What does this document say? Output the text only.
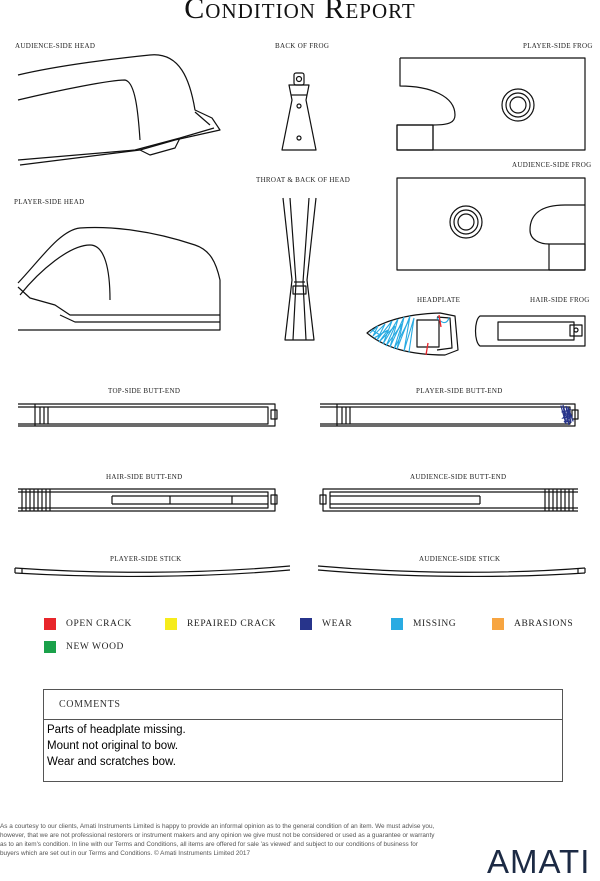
Condition Report
AUDIENCE-SIDE HEAD	BACK OF FROG	PLAYER-SIDE FROG
AUDIENCE-SIDE FROG
THROAT & BACK OF HEAD
PLAYER-SIDE HEAD
HEADPLATE	HAIR-SIDE FROG
TOP-SIDE BUTT-END	PLAYER-SIDE BUTT-END
HAIR-SIDE BUTT-END	AUDIENCE-SIDE BUTT-END
PLAYER-SIDE STICK	AUDIENCE-SIDE STICK
OPEN CRACK	REPAIRED CRACK	WEAR	MISSING	ABRASIONS
NEW WOOD
COMMENTS
Parts of headplate missing.
Mount not original to bow.
Wear and scratches bow.
As a courtesy to our clients, Amati Instruments Limited is happy to provide an informal opinion as to the general condition of an item. We must advise you, however, that we are not professional restorers or instrument makers and any opinion we give must not be considered or used as a guarantee or warranty as to an item's condition. In line with our Terms and Conditions, all items are offered for sale 'as viewed' and subject to our conditions of business for buyers which are set out in our Terms and Conditions. © Amati Instruments Limited 2017	AMATI
